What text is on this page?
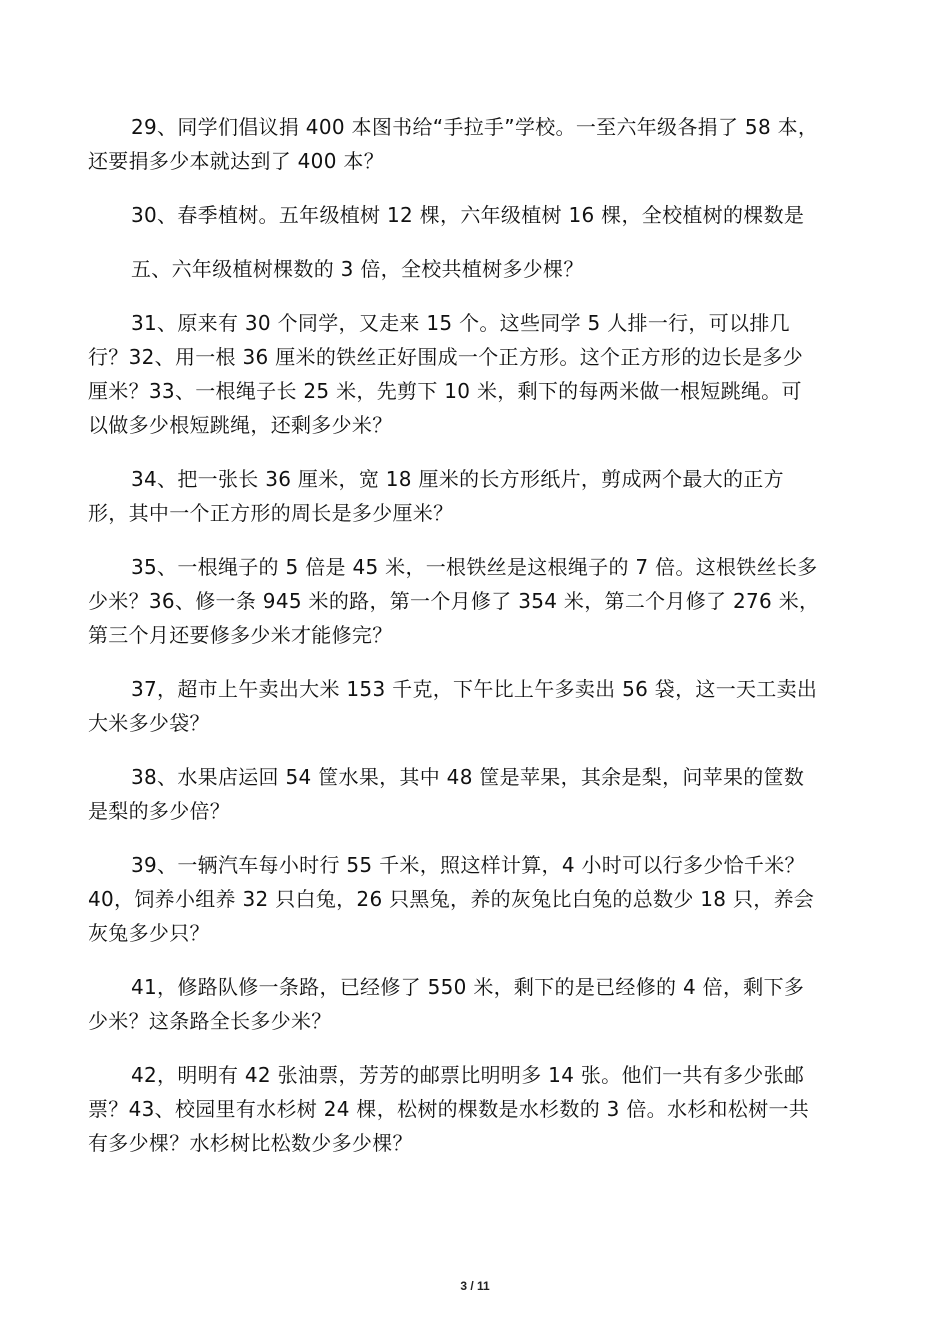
29、同学们倡议捐 400 本图书给“手拉手”学校。一至六年级各捐了 58 本，
还要捐多少本就达到了 400 本？
30、春季植树。五年级植树 12 棵，六年级植树 16 棵，全校植树的棵数是
五、六年级植树棵数的 3 倍，全校共植树多少棵？
31、原来有 30 个同学，又走来 15 个。这些同学 5 人排一行，可以排几
行？32、用一根 36 厘米的铁丝正好围成一个正方形。这个正方形的边长是多少
厘米？33、一根绳子长 25 米，先剪下 10 米，剩下的每两米做一根短跳绳。可
以做多少根短跳绳，还剩多少米？
34、把一张长 36 厘米，宽 18 厘米的长方形纸片，剪成两个最大的正方
形，其中一个正方形的周长是多少厘米？
35、一根绳子的 5 倍是 45 米，一根铁丝是这根绳子的 7 倍。这根铁丝长多
少米？36、修一条 945 米的路，第一个月修了 354 米，第二个月修了 276 米，
第三个月还要修多少米才能修完？
37，超市上午卖出大米 153 千克，下午比上午多卖出 56 袋，这一天工卖出
大米多少袋？
38、水果店运回 54 筐水果，其中 48 筐是苹果，其余是梨，问苹果的筐数
是梨的多少倍？
39、一辆汽车每小时行 55 千米，照这样计算，4 小时可以行多少恰千米？
40，饲养小组养 32 只白兔，26 只黑兔，养的灰兔比白兔的总数少 18 只，养会
灰兔多少只？
41，修路队修一条路，已经修了 550 米，剩下的是已经修的 4 倍，剩下多
少米？这条路全长多少米？
42，明明有 42 张油票，芳芳的邮票比明明多 14 张。他们一共有多少张邮
票？43、校园里有水杉树 24 棵，松树的棵数是水杉数的 3 倍。水杉和松树一共
有多少棵？水杉树比松数少多少棵？
3 / 11
